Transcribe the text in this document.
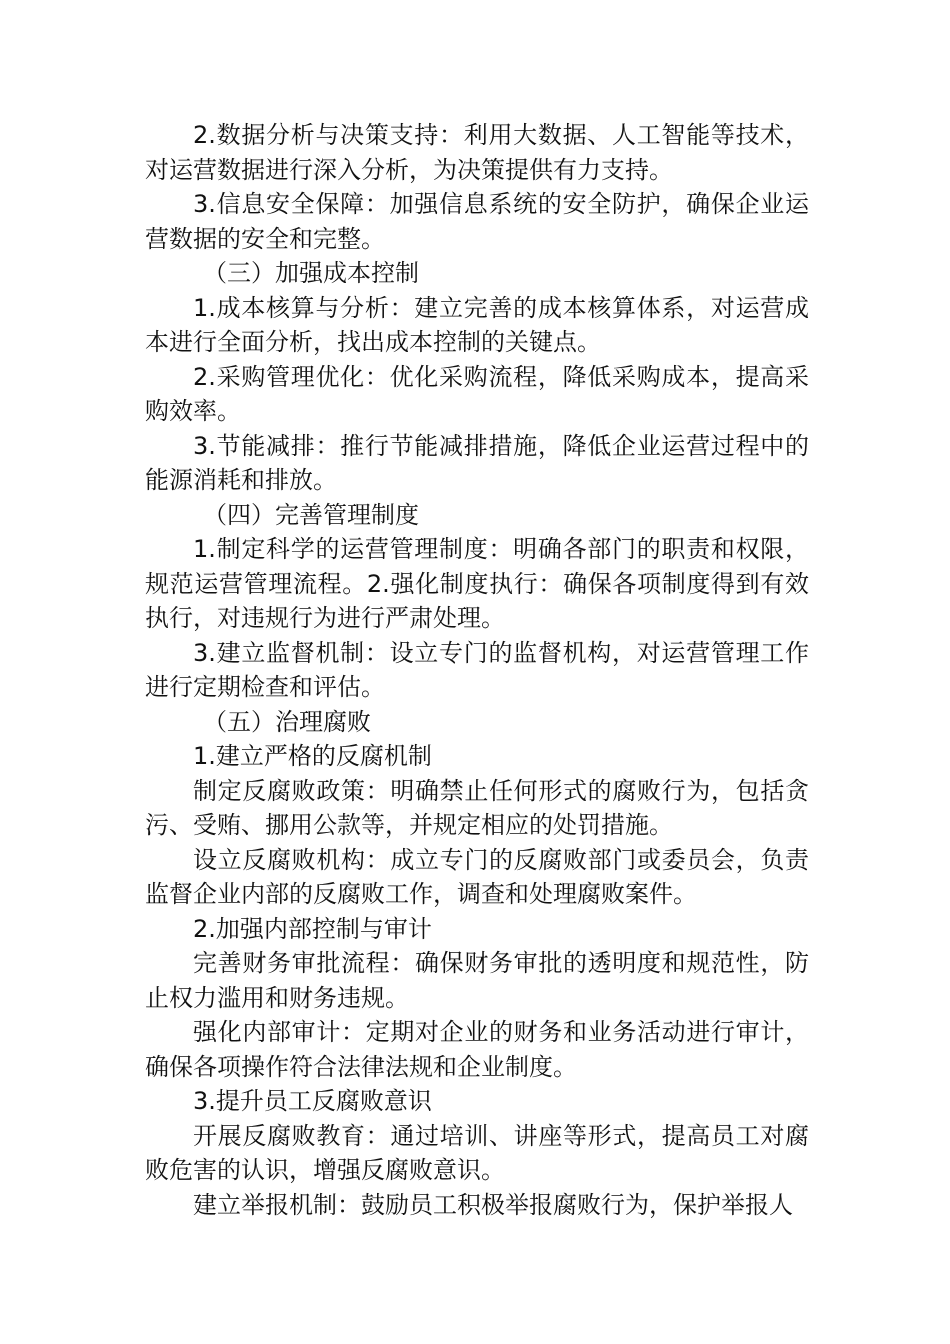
2.数据分析与决策支持：利用大数据、人工智能等技术，对运营数据进行深入分析，为决策提供有力支持。

3.信息安全保障：加强信息系统的安全防护，确保企业运营数据的安全和完整。

（三）加强成本控制

1.成本核算与分析：建立完善的成本核算体系，对运营成本进行全面分析，找出成本控制的关键点。

2.采购管理优化：优化采购流程，降低采购成本，提高采购效率。

3.节能减排：推行节能减排措施，降低企业运营过程中的能源消耗和排放。

（四）完善管理制度

1.制定科学的运营管理制度：明确各部门的职责和权限，规范运营管理流程。2.强化制度执行：确保各项制度得到有效执行，对违规行为进行严肃处理。

3.建立监督机制：设立专门的监督机构，对运营管理工作进行定期检查和评估。

（五）治理腐败

1.建立严格的反腐机制

制定反腐败政策：明确禁止任何形式的腐败行为，包括贪污、受贿、挪用公款等，并规定相应的处罚措施。

设立反腐败机构：成立专门的反腐败部门或委员会，负责监督企业内部的反腐败工作，调查和处理腐败案件。

2.加强内部控制与审计

完善财务审批流程：确保财务审批的透明度和规范性，防止权力滥用和财务违规。

强化内部审计：定期对企业的财务和业务活动进行审计，确保各项操作符合法律法规和企业制度。

3.提升员工反腐败意识

开展反腐败教育：通过培训、讲座等形式，提高员工对腐败危害的认识，增强反腐败意识。

建立举报机制：鼓励员工积极举报腐败行为，保护举报人
